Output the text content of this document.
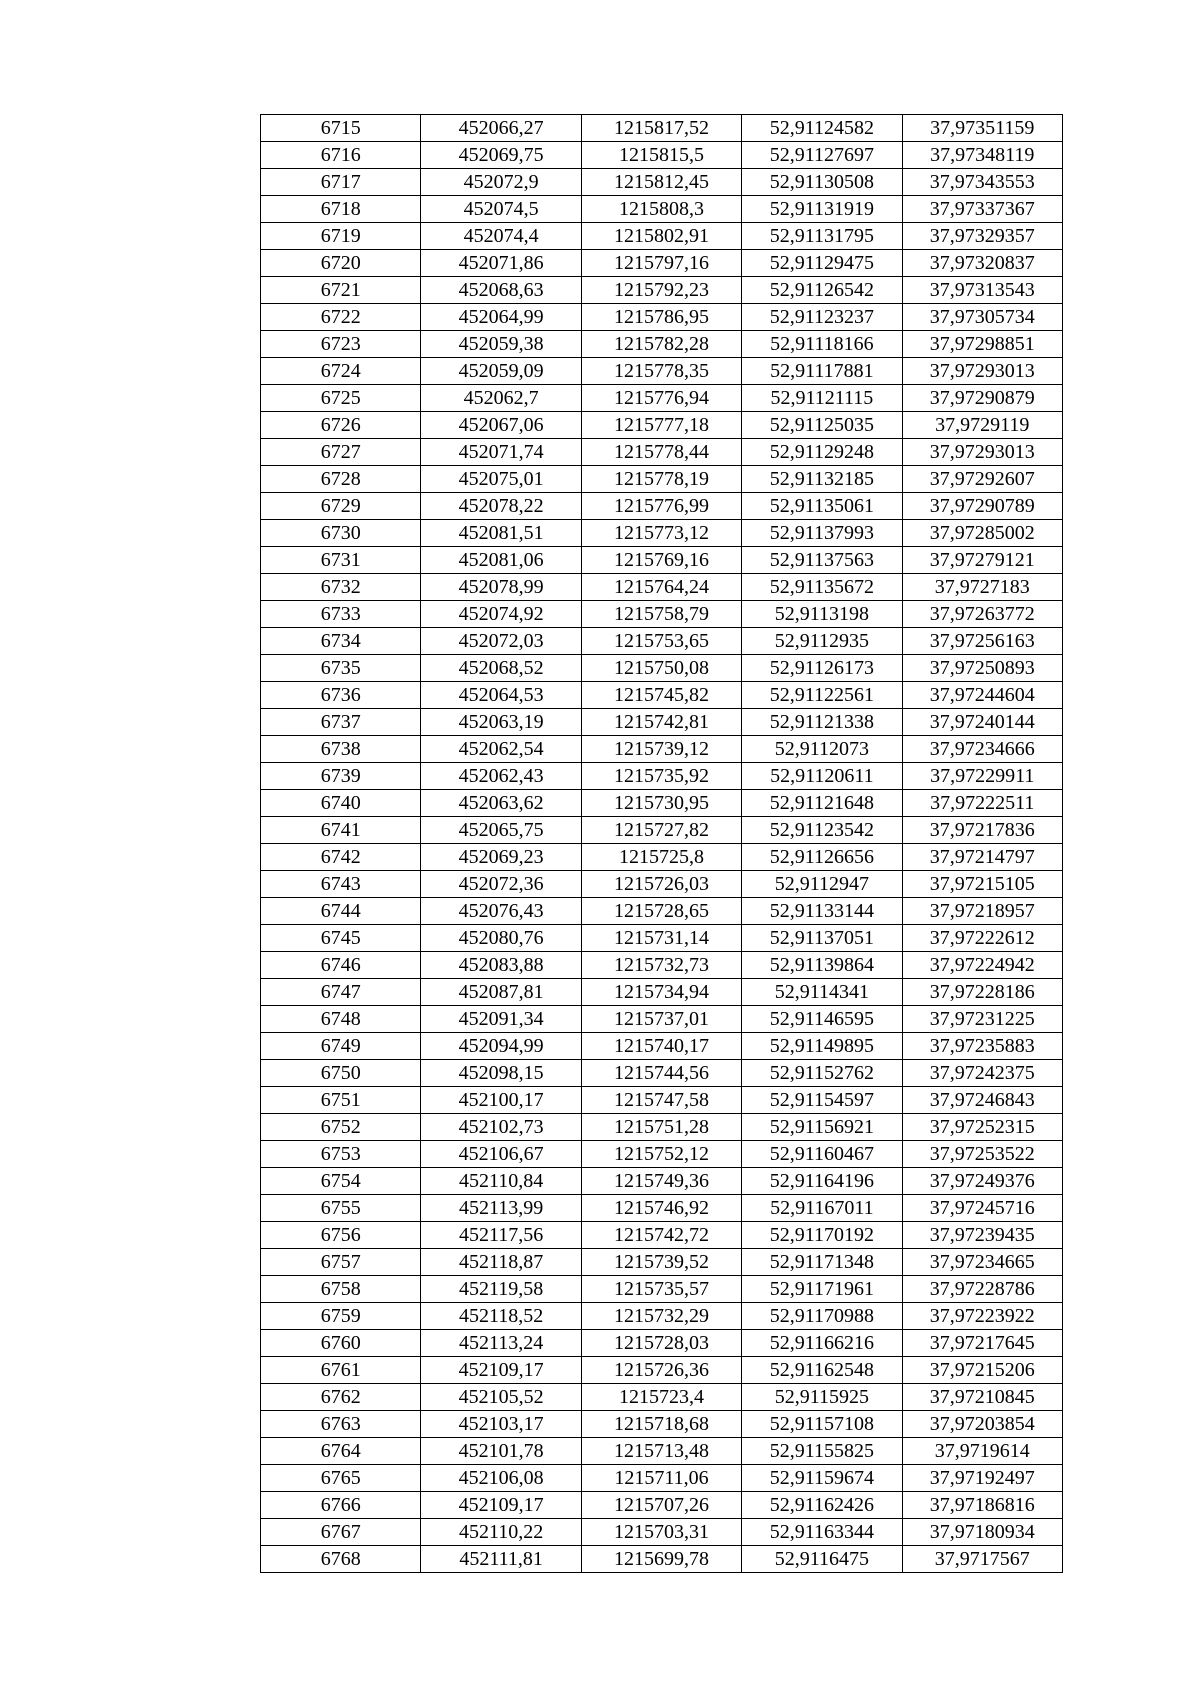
6715	452066,27	1215817,52	52,91124582	37,97351159
6716	452069,75	1215815,5	52,91127697	37,97348119
6717	452072,9	1215812,45	52,91130508	37,97343553
6718	452074,5	1215808,3	52,91131919	37,97337367
6719	452074,4	1215802,91	52,91131795	37,97329357
6720	452071,86	1215797,16	52,91129475	37,97320837
6721	452068,63	1215792,23	52,91126542	37,97313543
6722	452064,99	1215786,95	52,91123237	37,97305734
6723	452059,38	1215782,28	52,91118166	37,97298851
6724	452059,09	1215778,35	52,91117881	37,97293013
6725	452062,7	1215776,94	52,91121115	37,97290879
6726	452067,06	1215777,18	52,91125035	37,9729119
6727	452071,74	1215778,44	52,91129248	37,97293013
6728	452075,01	1215778,19	52,91132185	37,97292607
6729	452078,22	1215776,99	52,91135061	37,97290789
6730	452081,51	1215773,12	52,91137993	37,97285002
6731	452081,06	1215769,16	52,91137563	37,97279121
6732	452078,99	1215764,24	52,91135672	37,9727183
6733	452074,92	1215758,79	52,9113198	37,97263772
6734	452072,03	1215753,65	52,9112935	37,97256163
6735	452068,52	1215750,08	52,91126173	37,97250893
6736	452064,53	1215745,82	52,91122561	37,97244604
6737	452063,19	1215742,81	52,91121338	37,97240144
6738	452062,54	1215739,12	52,9112073	37,97234666
6739	452062,43	1215735,92	52,91120611	37,97229911
6740	452063,62	1215730,95	52,91121648	37,97222511
6741	452065,75	1215727,82	52,91123542	37,97217836
6742	452069,23	1215725,8	52,91126656	37,97214797
6743	452072,36	1215726,03	52,9112947	37,97215105
6744	452076,43	1215728,65	52,91133144	37,97218957
6745	452080,76	1215731,14	52,91137051	37,97222612
6746	452083,88	1215732,73	52,91139864	37,97224942
6747	452087,81	1215734,94	52,9114341	37,97228186
6748	452091,34	1215737,01	52,91146595	37,97231225
6749	452094,99	1215740,17	52,91149895	37,97235883
6750	452098,15	1215744,56	52,91152762	37,97242375
6751	452100,17	1215747,58	52,91154597	37,97246843
6752	452102,73	1215751,28	52,91156921	37,97252315
6753	452106,67	1215752,12	52,91160467	37,97253522
6754	452110,84	1215749,36	52,91164196	37,97249376
6755	452113,99	1215746,92	52,91167011	37,97245716
6756	452117,56	1215742,72	52,91170192	37,97239435
6757	452118,87	1215739,52	52,91171348	37,97234665
6758	452119,58	1215735,57	52,91171961	37,97228786
6759	452118,52	1215732,29	52,91170988	37,97223922
6760	452113,24	1215728,03	52,91166216	37,97217645
6761	452109,17	1215726,36	52,91162548	37,97215206
6762	452105,52	1215723,4	52,9115925	37,97210845
6763	452103,17	1215718,68	52,91157108	37,97203854
6764	452101,78	1215713,48	52,91155825	37,9719614
6765	452106,08	1215711,06	52,91159674	37,97192497
6766	452109,17	1215707,26	52,91162426	37,97186816
6767	452110,22	1215703,31	52,91163344	37,97180934
6768	452111,81	1215699,78	52,9116475	37,9717567
